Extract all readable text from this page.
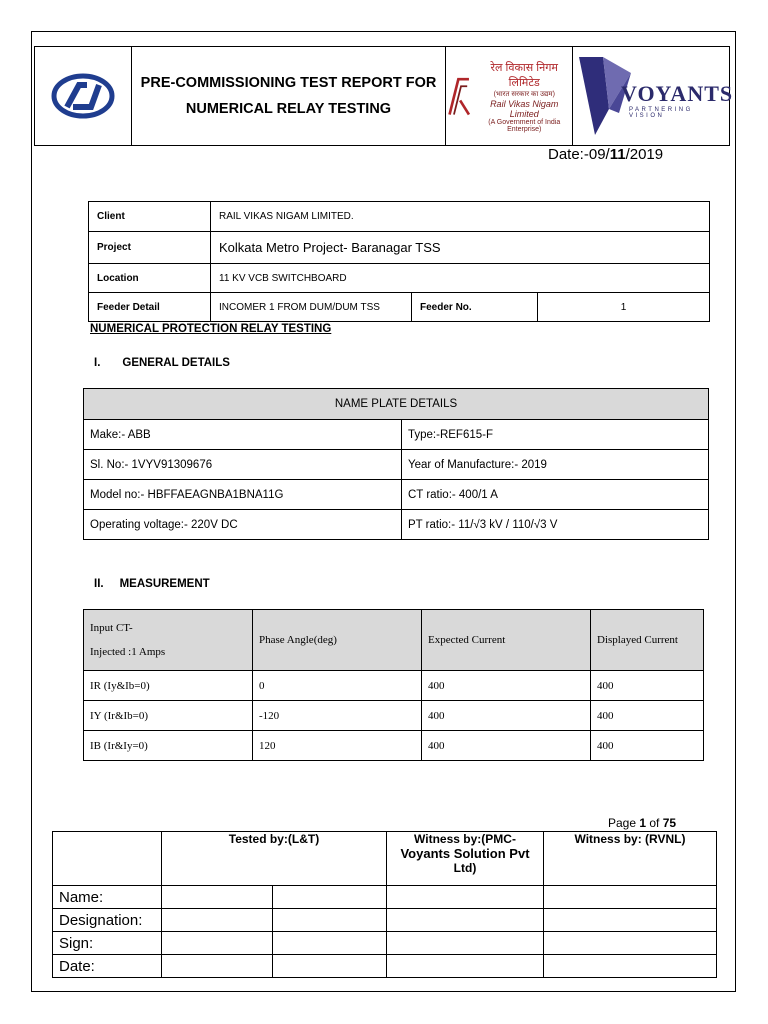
PRE-COMMISSIONING TEST REPORT FOR
NUMERICAL RELAY TESTING

रेल विकास निगम लिमिटेड
(भारत सरकार का उद्यम)
Rail Vikas Nigam Limited
(A Government of India Enterprise)

VOYANTS
PARTNERING VISION
Date:-09/11/2019
Client	RAIL VIKAS NIGAM LIMITED.		
Project	Kolkata Metro Project- Baranagar TSS		
Location	11 KV VCB SWITCHBOARD		
Feeder Detail	INCOMER 1 FROM DUM/DUM TSS	Feeder No.	1
NUMERICAL PROTECTION RELAY TESTING
I. GENERAL DETAILS
NAME PLATE DETAILS	
Make:- ABB	Type:-REF615-F
Sl. No:- 1VYV91309676	Year of Manufacture:- 2019
Model no:- HBFFAEAGNBA1BNA11G	CT ratio:- 400/1 A
Operating voltage:- 220V DC	PT ratio:- 11/√3 kV / 110/√3 V
II. MEASUREMENT
Input CT-
Injected :1 Amps	Phase Angle(deg)	Expected Current	Displayed Current
IR (Iy&Ib=0)	0	400	400
IY (Ir&Ib=0)	-120	400	400
IB (Ir&Iy=0)	120	400	400
Page 1 of 75
	Tested by:(L&T)		Witness by:(PMC-
Voyants Solution Pvt
Ltd)	Witness by: (RVNL)
Name:				
Designation:				
Sign:				
Date:				
